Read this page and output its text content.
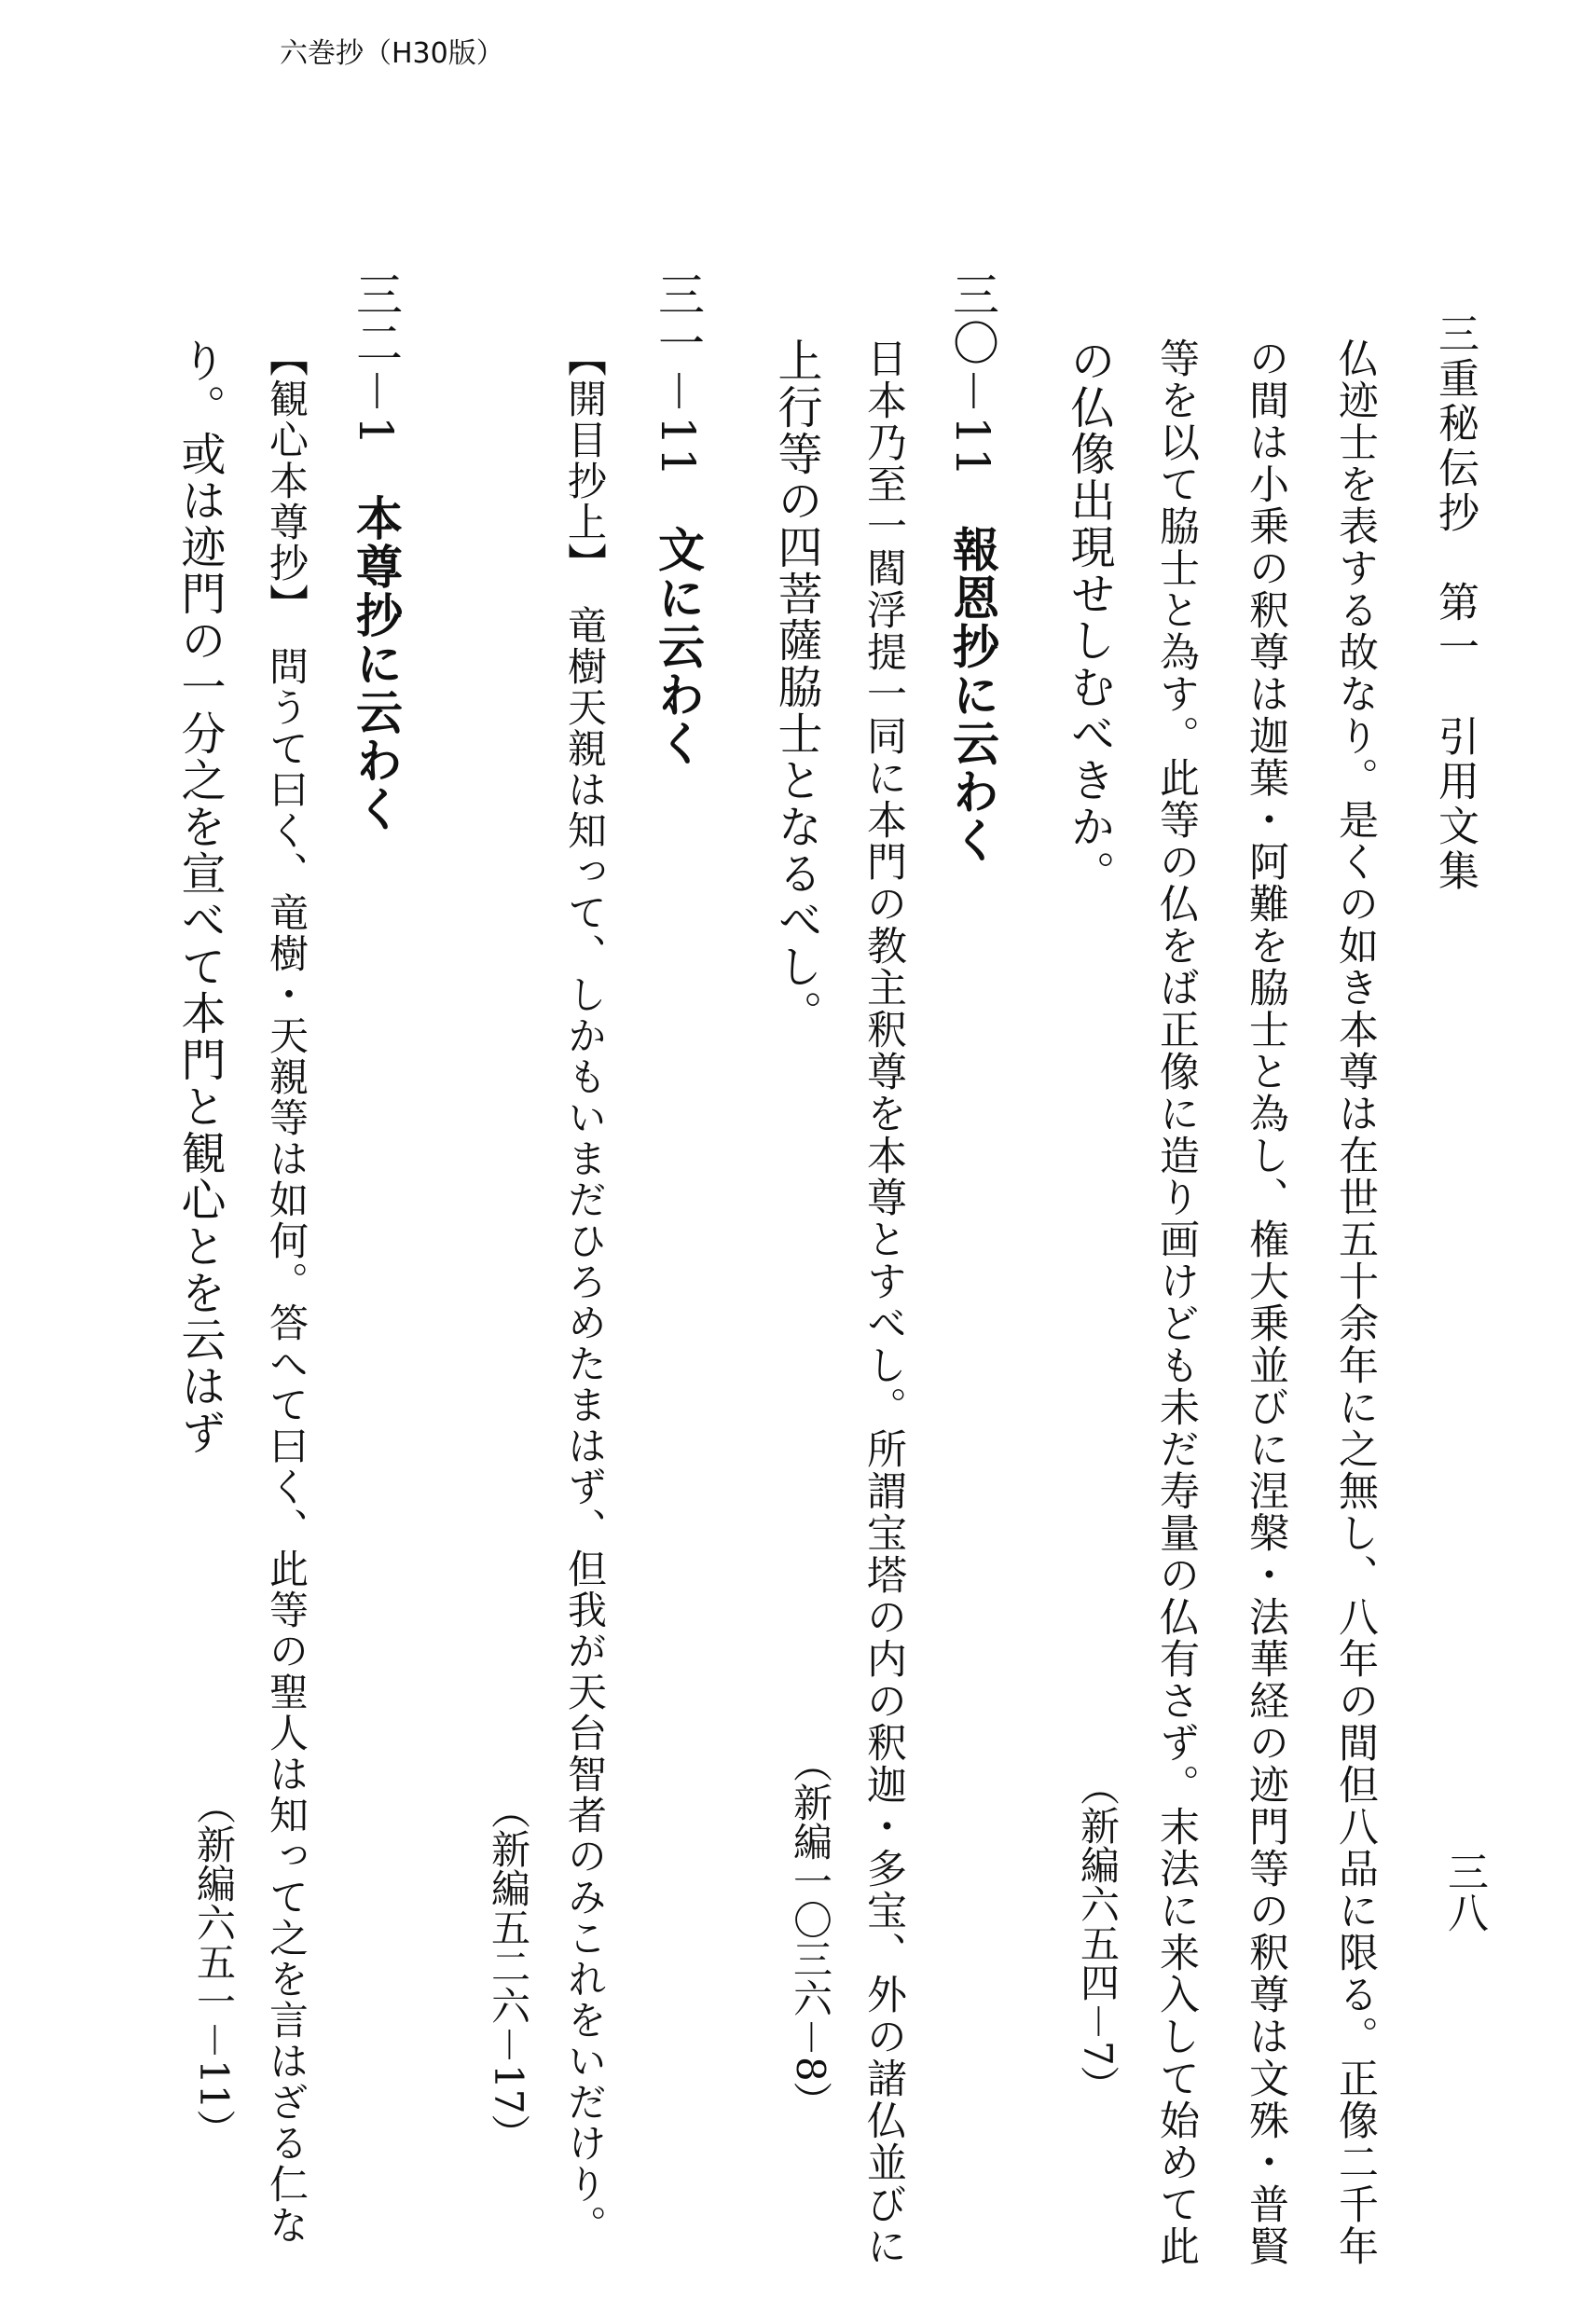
六巻抄（H30版）
三重秘伝抄　第一　引用文集
三八
仏迹士を表する故なり。是くの如き本尊は在世五十余年に之無し、八年の間但八品に限る。正像二千年
の間は小乗の釈尊は迦葉・阿難を脇士と為し、権大乗並びに涅槃・法華経の迹門等の釈尊は文殊・普賢
等を以て脇士と為す。此等の仏をば正像に造り画けども未だ寿量の仏有さず。末法に来入して始めて此
の仏像出現せしむべきか。
（新編六五四－7）
三〇－11報恩抄に云わく
日本乃至一閻浮提一同に本門の教主釈尊を本尊とすべし。所謂宝塔の内の釈迦・多宝、外の諸仏並びに
上行等の四菩薩脇士となるべし。
（新編一〇三六－8）
三一－11文に云わく
【開目抄上】　竜樹天親は知って、しかもいまだひろめたまはず、但我が天台智者のみこれをいだけり。
（新編五二六－17）
三二－1本尊抄に云わく
【観心本尊抄】　問うて曰く、竜樹・天親等は如何。答へて曰く、此等の聖人は知って之を言はざる仁な
り。或は迹門の一分之を宣べて本門と観心とを云はず
（新編六五一－11）
